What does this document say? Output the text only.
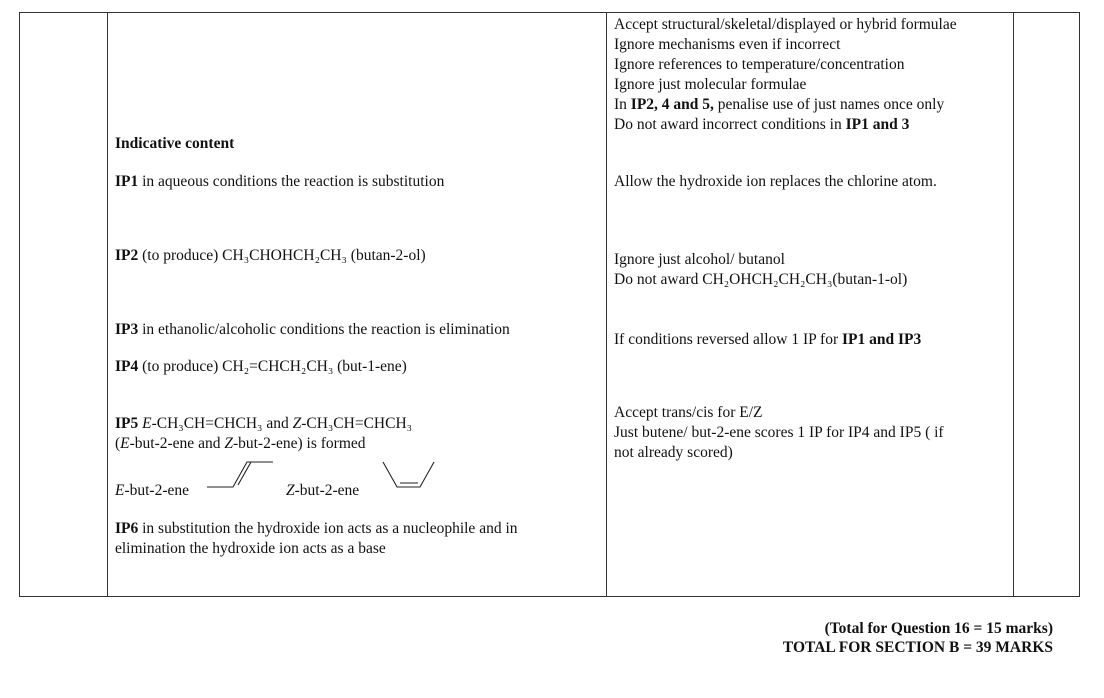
Indicative content
IP1 in aqueous conditions the reaction is substitution
IP2 (to produce) CH₃CHOHCH₂CH₃ (butan-2-ol)
IP3 in ethanolic/alcoholic conditions the reaction is elimination
IP4 (to produce) CH₂=CHCH₂CH₃ (but-1-ene)
IP5 E-CH₃CH=CHCH₃ and Z-CH₃CH=CHCH₃
(E-but-2-ene and Z-but-2-ene) is formed
E-but-2-ene	Z-but-2-ene
IP6 in substitution the hydroxide ion acts as a nucleophile and in
elimination the hydroxide ion acts as a base
Accept structural/skeletal/displayed or hybrid formulae
Ignore mechanisms even if incorrect
Ignore references to temperature/concentration
Ignore just molecular formulae
In IP2, 4 and 5, penalise use of just names once only
Do not award incorrect conditions in IP1 and 3
Allow the hydroxide ion replaces the chlorine atom.
Ignore just alcohol/ butanol
Do not award CH₂OHCH₂CH₂CH₃(butan-1-ol)
If conditions reversed allow 1 IP for IP1 and IP3
Accept trans/cis for E/Z
Just butene/ but-2-ene scores 1 IP for IP4 and IP5 ( if
not already scored)
(Total for Question 16 = 15 marks)
TOTAL FOR SECTION B = 39 MARKS
